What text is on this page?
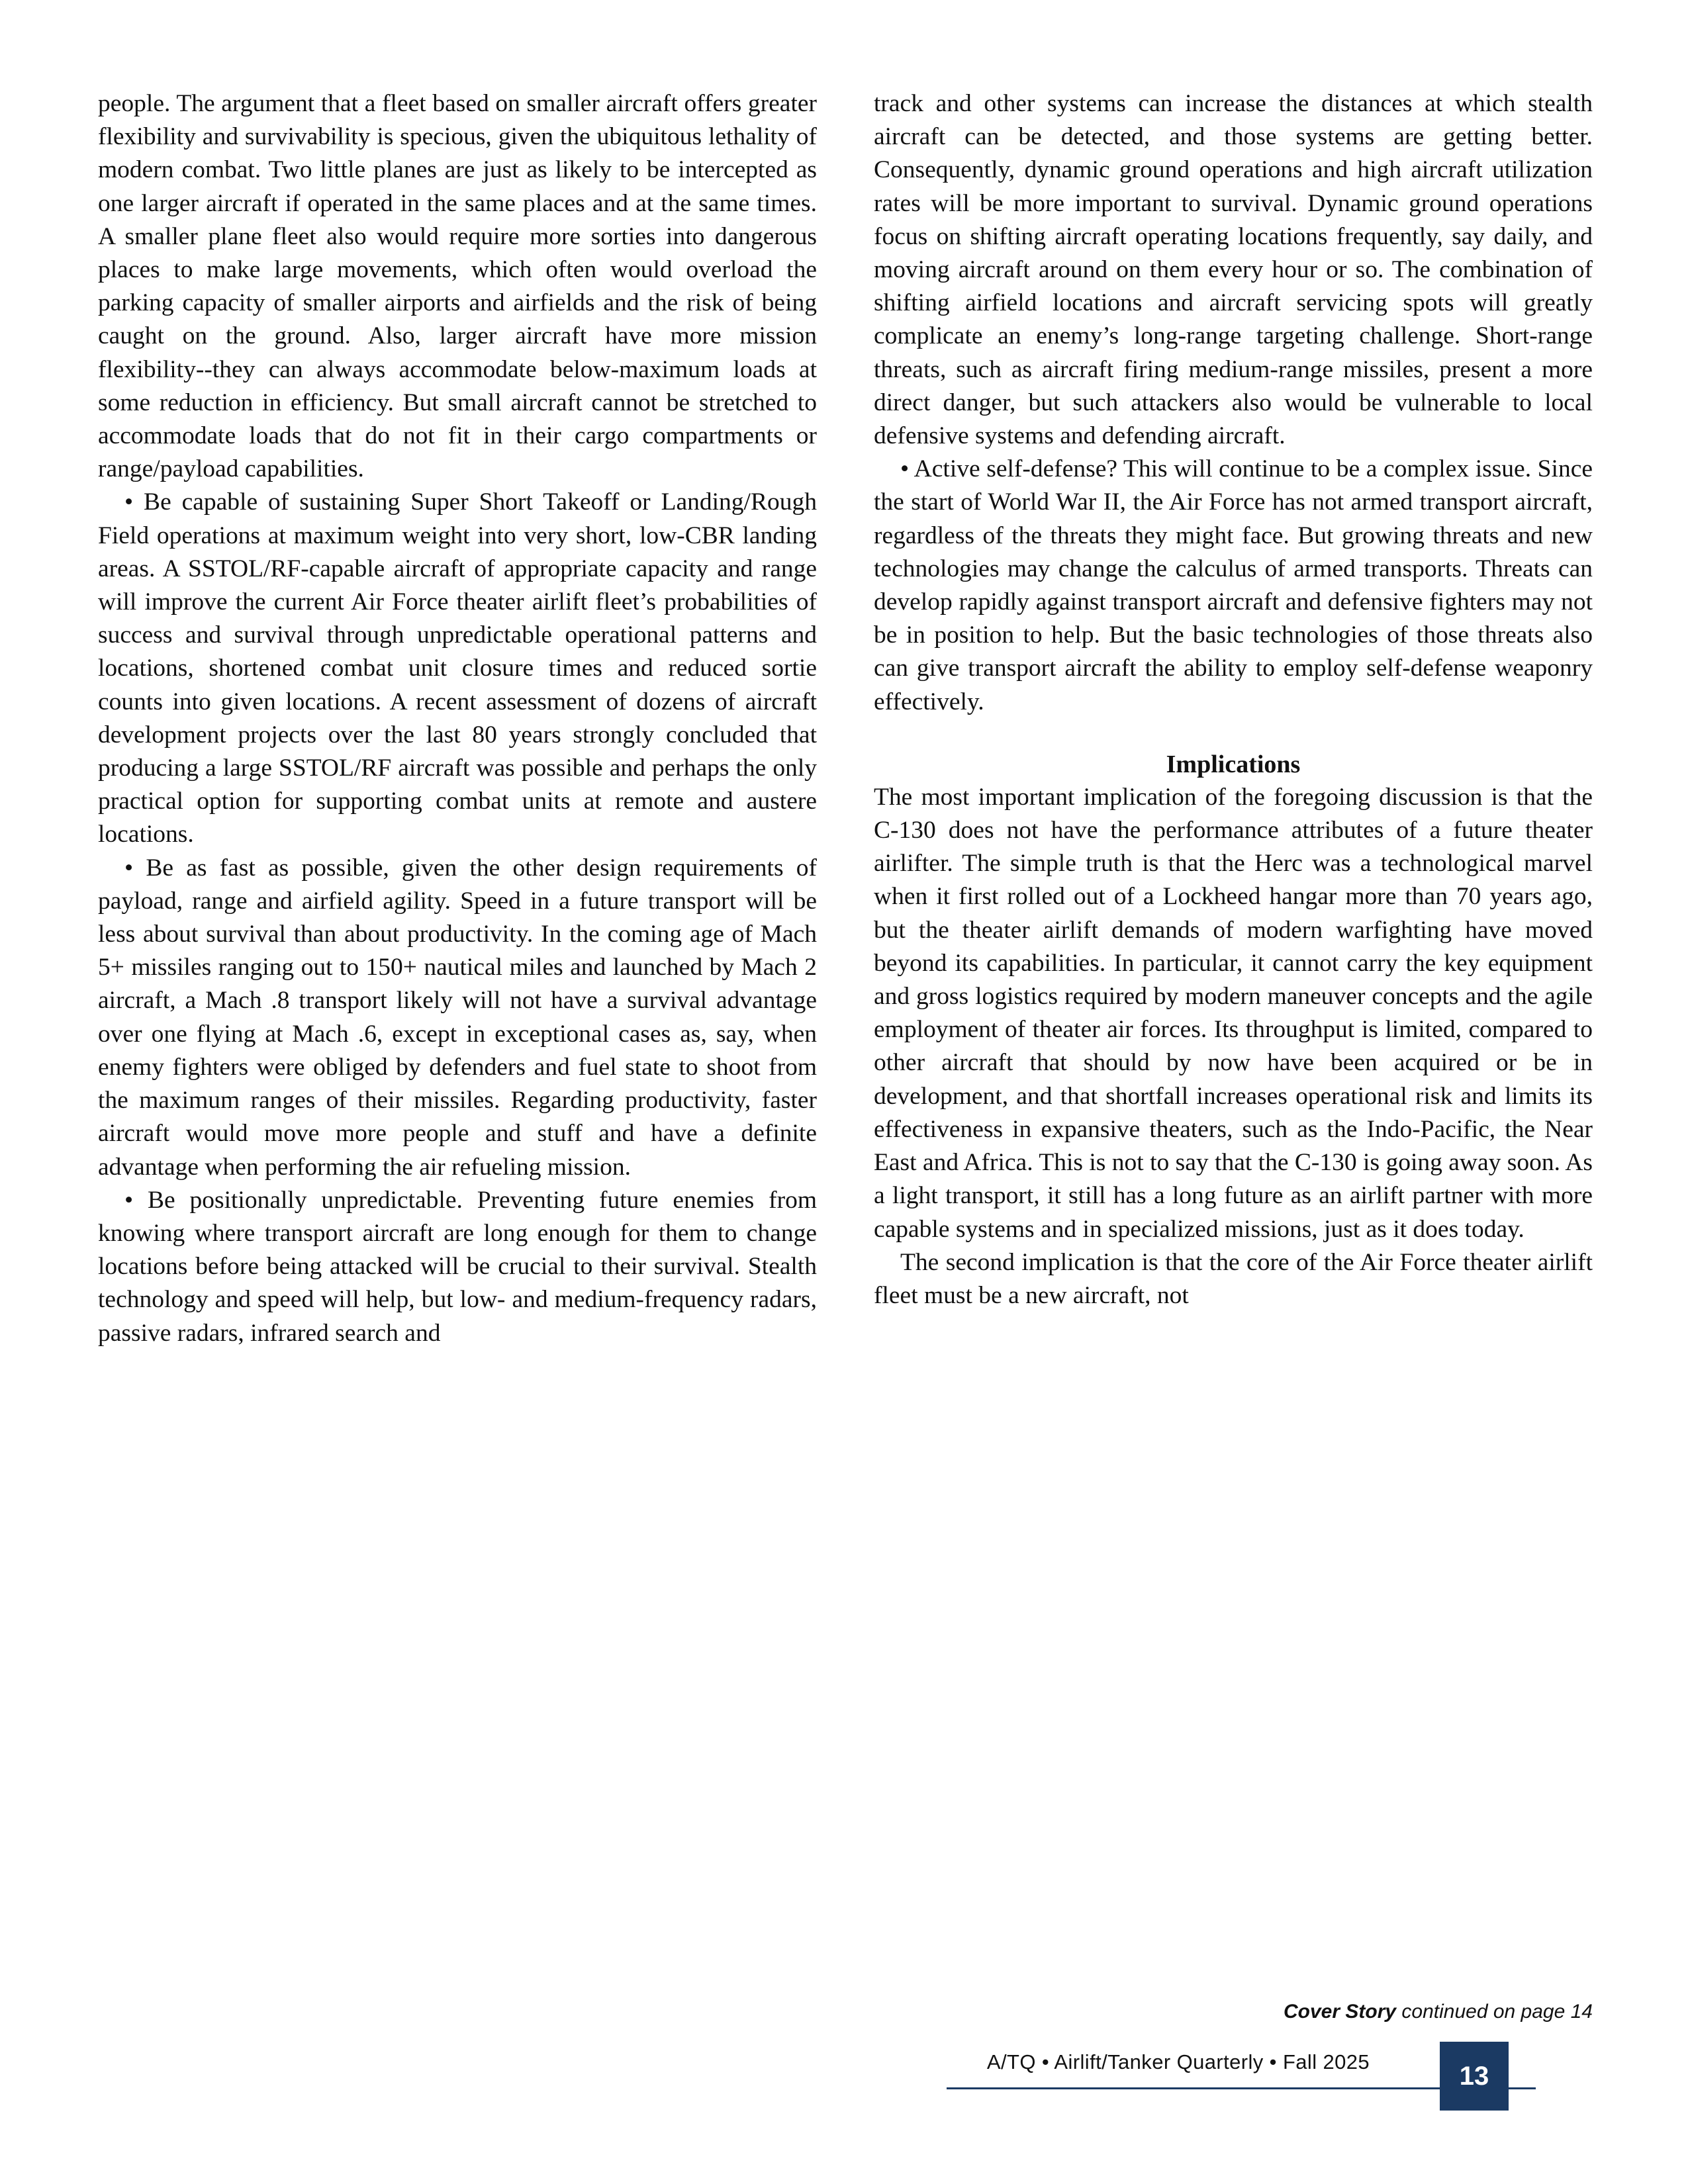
people. The argument that a fleet based on smaller aircraft offers greater flexibility and survivability is specious, given the ubiquitous lethality of modern combat. Two little planes are just as likely to be intercepted as one larger aircraft if operated in the same places and at the same times. A smaller plane fleet also would require more sorties into dangerous places to make large movements, which often would overload the parking capacity of smaller airports and airfields and the risk of being caught on the ground. Also, larger aircraft have more mission flexibility--they can always accommodate below-maximum loads at some reduction in efficiency. But small aircraft cannot be stretched to accommodate loads that do not fit in their cargo compartments or range/payload capabilities.

• Be capable of sustaining Super Short Takeoff or Landing/Rough Field operations at maximum weight into very short, low-CBR landing areas. A SSTOL/RF-capable aircraft of appropriate capacity and range will improve the current Air Force theater airlift fleet’s probabilities of success and survival through unpredictable operational patterns and locations, shortened combat unit closure times and reduced sortie counts into given locations. A recent assessment of dozens of aircraft development projects over the last 80 years strongly concluded that producing a large SSTOL/RF aircraft was possible and perhaps the only practical option for supporting combat units at remote and austere locations.

• Be as fast as possible, given the other design requirements of payload, range and airfield agility. Speed in a future transport will be less about survival than about productivity. In the coming age of Mach 5+ missiles ranging out to 150+ nautical miles and launched by Mach 2 aircraft, a Mach .8 transport likely will not have a survival advantage over one flying at Mach .6, except in exceptional cases as, say, when enemy fighters were obliged by defenders and fuel state to shoot from the maximum ranges of their missiles. Regarding productivity, faster aircraft would move more people and stuff and have a definite advantage when performing the air refueling mission.

• Be positionally unpredictable. Preventing future enemies from knowing where transport aircraft are long enough for them to change locations before being attacked will be crucial to their survival. Stealth technology and speed will help, but low- and medium-frequency radars, passive radars, infrared search and

track and other systems can increase the distances at which stealth aircraft can be detected, and those systems are getting better. Consequently, dynamic ground operations and high aircraft utilization rates will be more important to survival. Dynamic ground operations focus on shifting aircraft operating locations frequently, say daily, and moving aircraft around on them every hour or so. The combination of shifting airfield locations and aircraft servicing spots will greatly complicate an enemy’s long-range targeting challenge. Short-range threats, such as aircraft firing medium-range missiles, present a more direct danger, but such attackers also would be vulnerable to local defensive systems and defending aircraft.

• Active self-defense? This will continue to be a complex issue. Since the start of World War II, the Air Force has not armed transport aircraft, regardless of the threats they might face. But growing threats and new technologies may change the calculus of armed transports. Threats can develop rapidly against transport aircraft and defensive fighters may not be in position to help. But the basic technologies of those threats also can give transport aircraft the ability to employ self-defense weaponry effectively.

Implications

The most important implication of the foregoing discussion is that the C-130 does not have the performance attributes of a future theater airlifter. The simple truth is that the Herc was a technological marvel when it first rolled out of a Lockheed hangar more than 70 years ago, but the theater airlift demands of modern warfighting have moved beyond its capabilities. In particular, it cannot carry the key equipment and gross logistics required by modern maneuver concepts and the agile employment of theater air forces. Its throughput is limited, compared to other aircraft that should by now have been acquired or be in development, and that shortfall increases operational risk and limits its effectiveness in expansive theaters, such as the Indo-Pacific, the Near East and Africa. This is not to say that the C-130 is going away soon. As a light transport, it still has a long future as an airlift partner with more capable systems and in specialized missions, just as it does today.

The second implication is that the core of the Air Force theater airlift fleet must be a new aircraft, not

Cover Story continued on page 14
A/TQ • Airlift/Tanker Quarterly • Fall 2025	13
